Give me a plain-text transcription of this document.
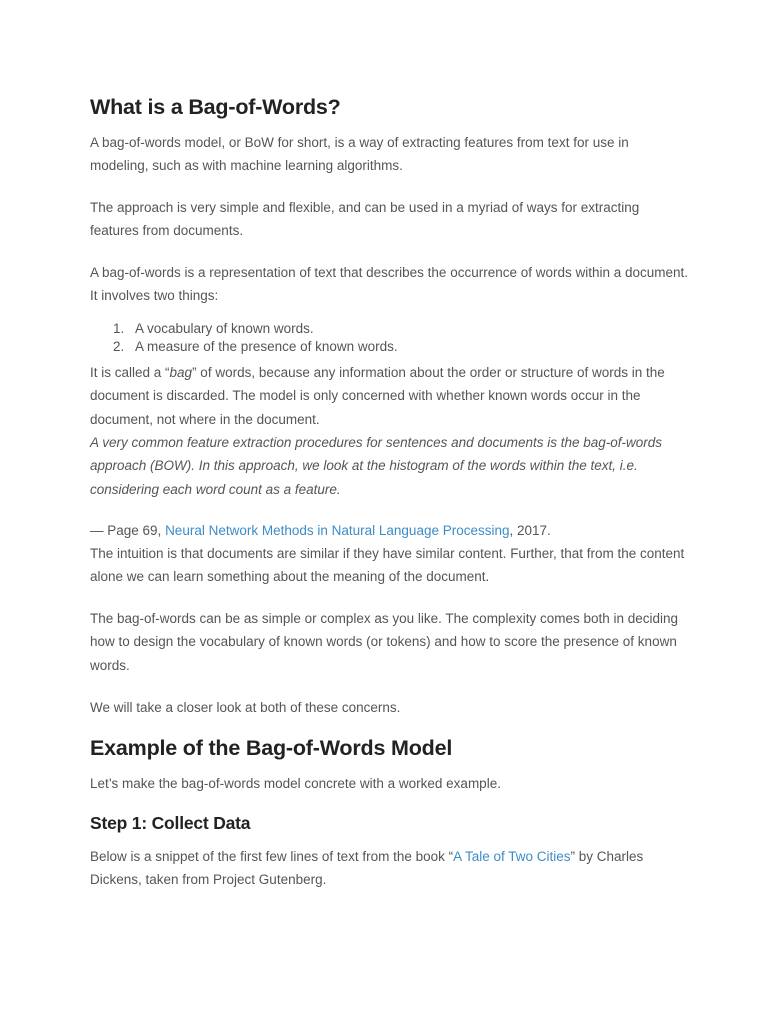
What is a Bag-of-Words?

A bag-of-words model, or BoW for short, is a way of extracting features from text for use in modeling, such as with machine learning algorithms.

The approach is very simple and flexible, and can be used in a myriad of ways for extracting features from documents.

A bag-of-words is a representation of text that describes the occurrence of words within a document. It involves two things:

1. A vocabulary of known words.
2. A measure of the presence of known words.

It is called a “bag” of words, because any information about the order or structure of words in the document is discarded. The model is only concerned with whether known words occur in the document, not where in the document.

A very common feature extraction procedures for sentences and documents is the bag-of-words approach (BOW). In this approach, we look at the histogram of the words within the text, i.e. considering each word count as a feature.

— Page 69, Neural Network Methods in Natural Language Processing, 2017.

The intuition is that documents are similar if they have similar content. Further, that from the content alone we can learn something about the meaning of the document.

The bag-of-words can be as simple or complex as you like. The complexity comes both in deciding how to design the vocabulary of known words (or tokens) and how to score the presence of known words.

We will take a closer look at both of these concerns.

Example of the Bag-of-Words Model

Let’s make the bag-of-words model concrete with a worked example.

Step 1: Collect Data

Below is a snippet of the first few lines of text from the book “A Tale of Two Cities” by Charles Dickens, taken from Project Gutenberg.
